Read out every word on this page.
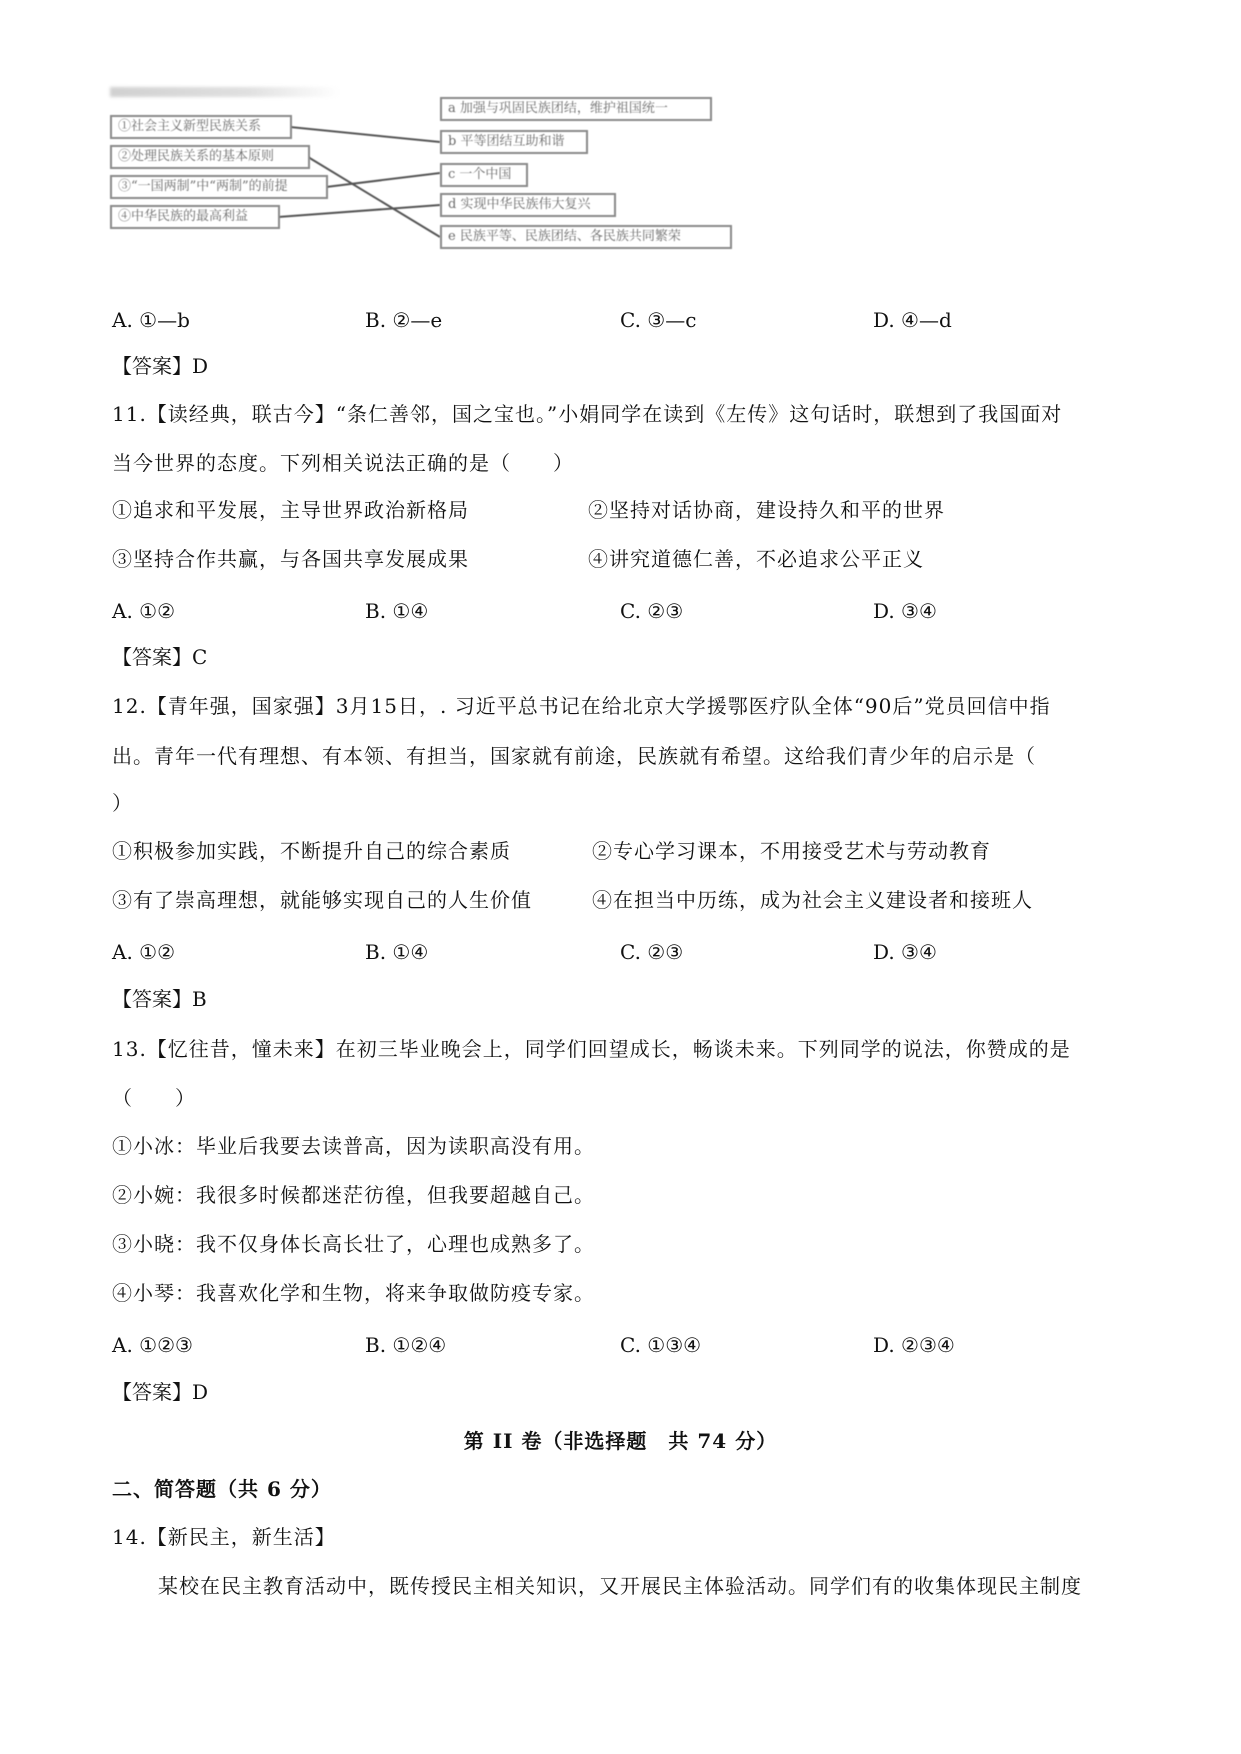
①社会主义新型民族关系
②处理民族关系的基本原则
③“一国两制”中“两制”的前提
④中华民族的最高利益
a 加强与巩固民族团结，维护祖国统一
b 平等团结互助和谐
c 一个中国
d 实现中华民族伟大复兴
e 民族平等、民族团结、各民族共同繁荣
A. ①—b	B. ②—e	C. ③—c	D. ④—d
【答案】D
11.【读经典，联古今】“条仁善邻，国之宝也。”小娟同学在读到《左传》这句话时，联想到了我国面对
当今世界的态度。下列相关说法正确的是（　　）
①追求和平发展，主导世界政治新格局	②坚持对话协商，建设持久和平的世界
③坚持合作共赢，与各国共享发展成果	④讲究道德仁善，不必追求公平正义
A. ①②	B. ①④	C. ②③	D. ③④
【答案】C
12.【青年强，国家强】3月15日，. 习近平总书记在给北京大学援鄂医疗队全体“90后”党员回信中指
出。青年一代有理想、有本领、有担当，国家就有前途，民族就有希望。这给我们青少年的启示是（
）
①积极参加实践，不断提升自己的综合素质	②专心学习课本，不用接受艺术与劳动教育
③有了崇高理想，就能够实现自己的人生价值	④在担当中历练，成为社会主义建设者和接班人
A. ①②	B. ①④	C. ②③	D. ③④
【答案】B
13.【忆往昔，憧未来】在初三毕业晚会上，同学们回望成长，畅谈未来。下列同学的说法，你赞成的是
（　　）
①小冰：毕业后我要去读普高，因为读职高没有用。
②小婉：我很多时候都迷茫彷徨，但我要超越自己。
③小晓：我不仅身体长高长壮了，心理也成熟多了。
④小琴：我喜欢化学和生物，将来争取做防疫专家。
A. ①②③	B. ①②④	C. ①③④	D. ②③④
【答案】D
第 II 卷（非选择题　共 74 分）
二、简答题（共 6 分）
14.【新民主，新生活】
某校在民主教育活动中，既传授民主相关知识，又开展民主体验活动。同学们有的收集体现民主制度
